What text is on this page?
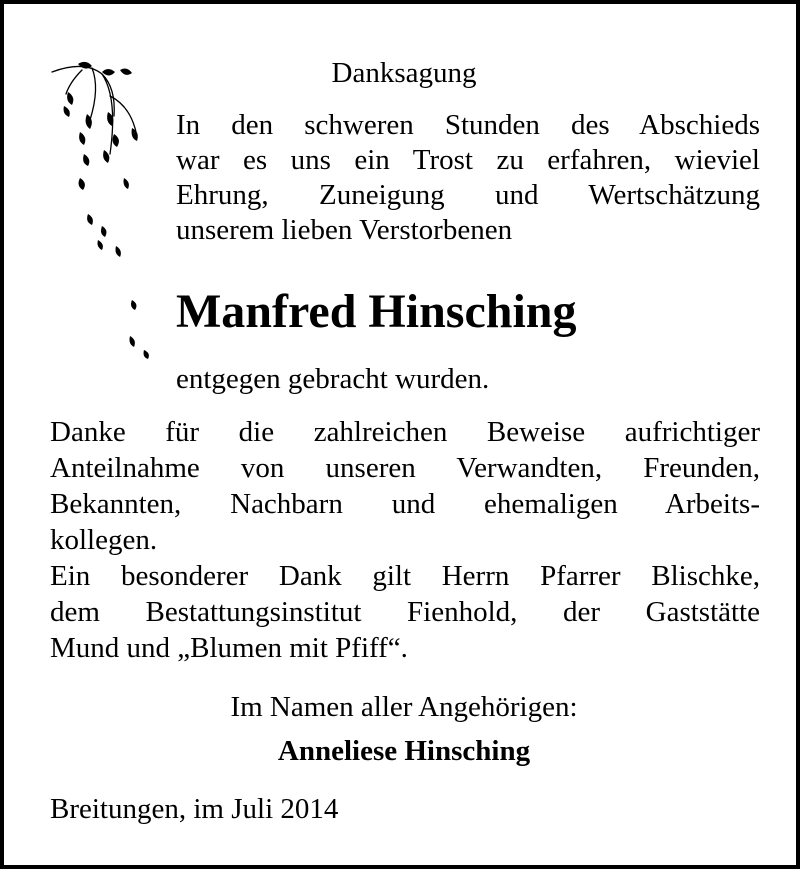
Danksagung
In den schweren Stunden des Abschieds
war es uns ein Trost zu erfahren, wieviel
Ehrung, Zuneigung und Wertschätzung
unserem lieben Verstorbenen
Manfred Hinsching
entgegen gebracht wurden.
Danke für die zahlreichen Beweise aufrichtiger
Anteilnahme von unseren Verwandten, Freunden,
Bekannten, Nachbarn und ehemaligen Arbeits-
kollegen.
Ein besonderer Dank gilt Herrn Pfarrer Blischke,
dem Bestattungsinstitut Fienhold, der Gaststätte
Mund und „Blumen mit Pfiff“.
Im Namen aller Angehörigen:
Anneliese Hinsching
Breitungen, im Juli 2014
